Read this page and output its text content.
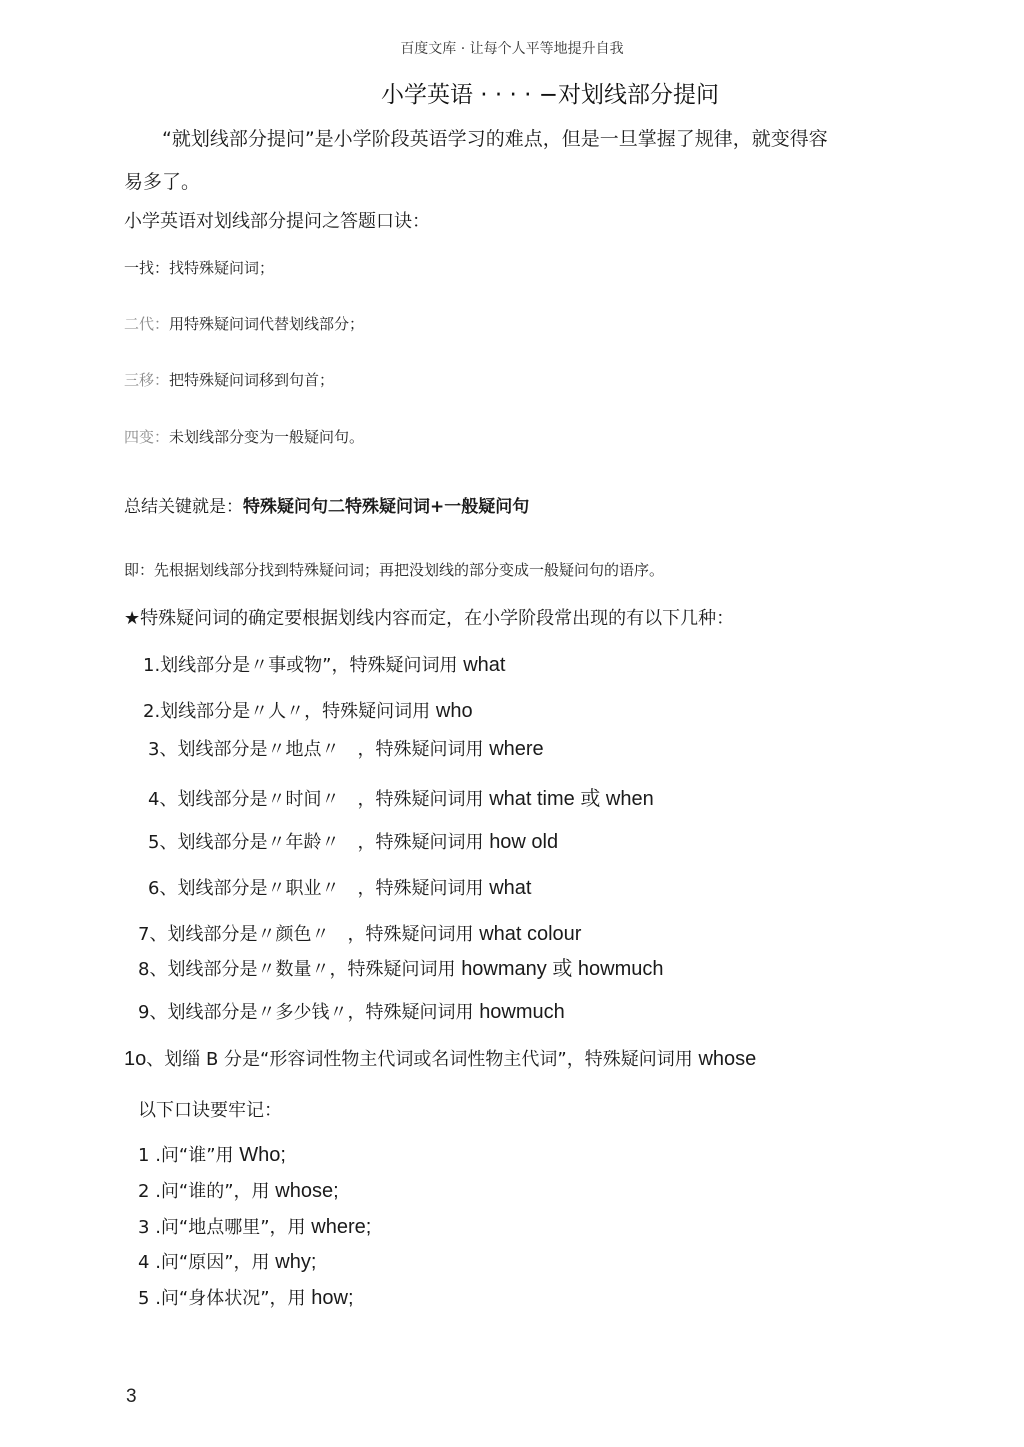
百度文库 · 让每个人平等地提升自我
小学英语 · · · · −对划线部分提问
“就划线部分提问”是小学阶段英语学习的难点，但是一旦掌握了规律，就变得容
易多了。
小学英语对划线部分提问之答题口诀：
一找：找特殊疑问词；
二代：用特殊疑问词代替划线部分；
三移：把特殊疑问词移到句首；
四变：未划线部分变为一般疑问句。
总结关键就是：特殊疑问句二特殊疑问词+一般疑问句
即：先根据划线部分找到特殊疑问词；再把没划线的部分变成一般疑问句的语序。
★特殊疑问词的确定要根据划线内容而定，在小学阶段常出现的有以下几种：
1.划线部分是〃事或物”，特殊疑问词用 what
2.划线部分是〃人〃，特殊疑问词用 who
3、划线部分是〃地点〃　，特殊疑问词用 where
4、划线部分是〃时间〃　，特殊疑问词用 what time 或 when
5、划线部分是〃年龄〃　，特殊疑问词用 how old
6、划线部分是〃职业〃　，特殊疑问词用 what
7、划线部分是〃颜色〃　，特殊疑问词用 what colour
8、划线部分是〃数量〃，特殊疑问词用 howmany 或 howmuch
9、划线部分是〃多少钱〃，特殊疑问词用 howmuch
1o、划缁 B 分是“形容词性物主代词或名词性物主代词”，特殊疑问词用 whose
以下口诀要牢记：
1 .问“谁”用 Who;
2 .问“谁的”，用 whose;
3 .问“地点哪里”，用 where;
4 .问“原因”，用 why;
5 .问“身体状况”，用 how;
3
